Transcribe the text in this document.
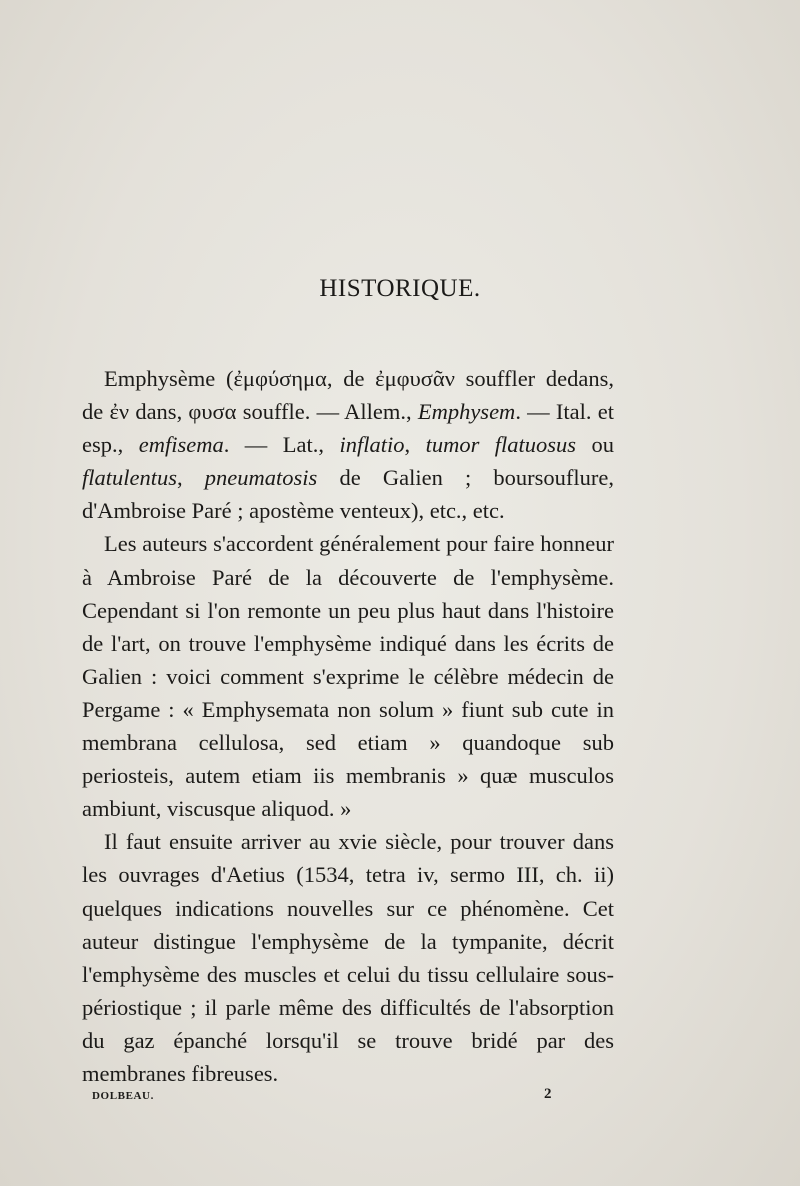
HISTORIQUE.

Emphysème (ἐμφύσημα, de ἐμφυσᾶν souffler dedans, de ἐν dans, φυσα souffle. — Allem., Emphysem. — Ital. et esp., emfisema. — Lat., inflatio, tumor flatuosus ou flatulentus, pneumatosis de Galien ; boursouflure, d'Ambroise Paré ; apostème venteux), etc., etc.

Les auteurs s'accordent généralement pour faire honneur à Ambroise Paré de la découverte de l'emphysème. Cependant si l'on remonte un peu plus haut dans l'histoire de l'art, on trouve l'emphysème indiqué dans les écrits de Galien : voici comment s'exprime le célèbre médecin de Pergame : « Emphysemata non solum » fiunt sub cute in membrana cellulosa, sed etiam » quandoque sub periosteis, autem etiam iis membranis » quæ musculos ambiunt, viscusque aliquod. »

Il faut ensuite arriver au xvie siècle, pour trouver dans les ouvrages d'Aetius (1534, tetra iv, sermo III, ch. ii) quelques indications nouvelles sur ce phénomène. Cet auteur distingue l'emphysème de la tympanite, décrit l'emphysème des muscles et celui du tissu cellulaire sous-périostique ; il parle même des difficultés de l'absorption du gaz épanché lorsqu'il se trouve bridé par des membranes fibreuses.

DOLBEAU.	2
